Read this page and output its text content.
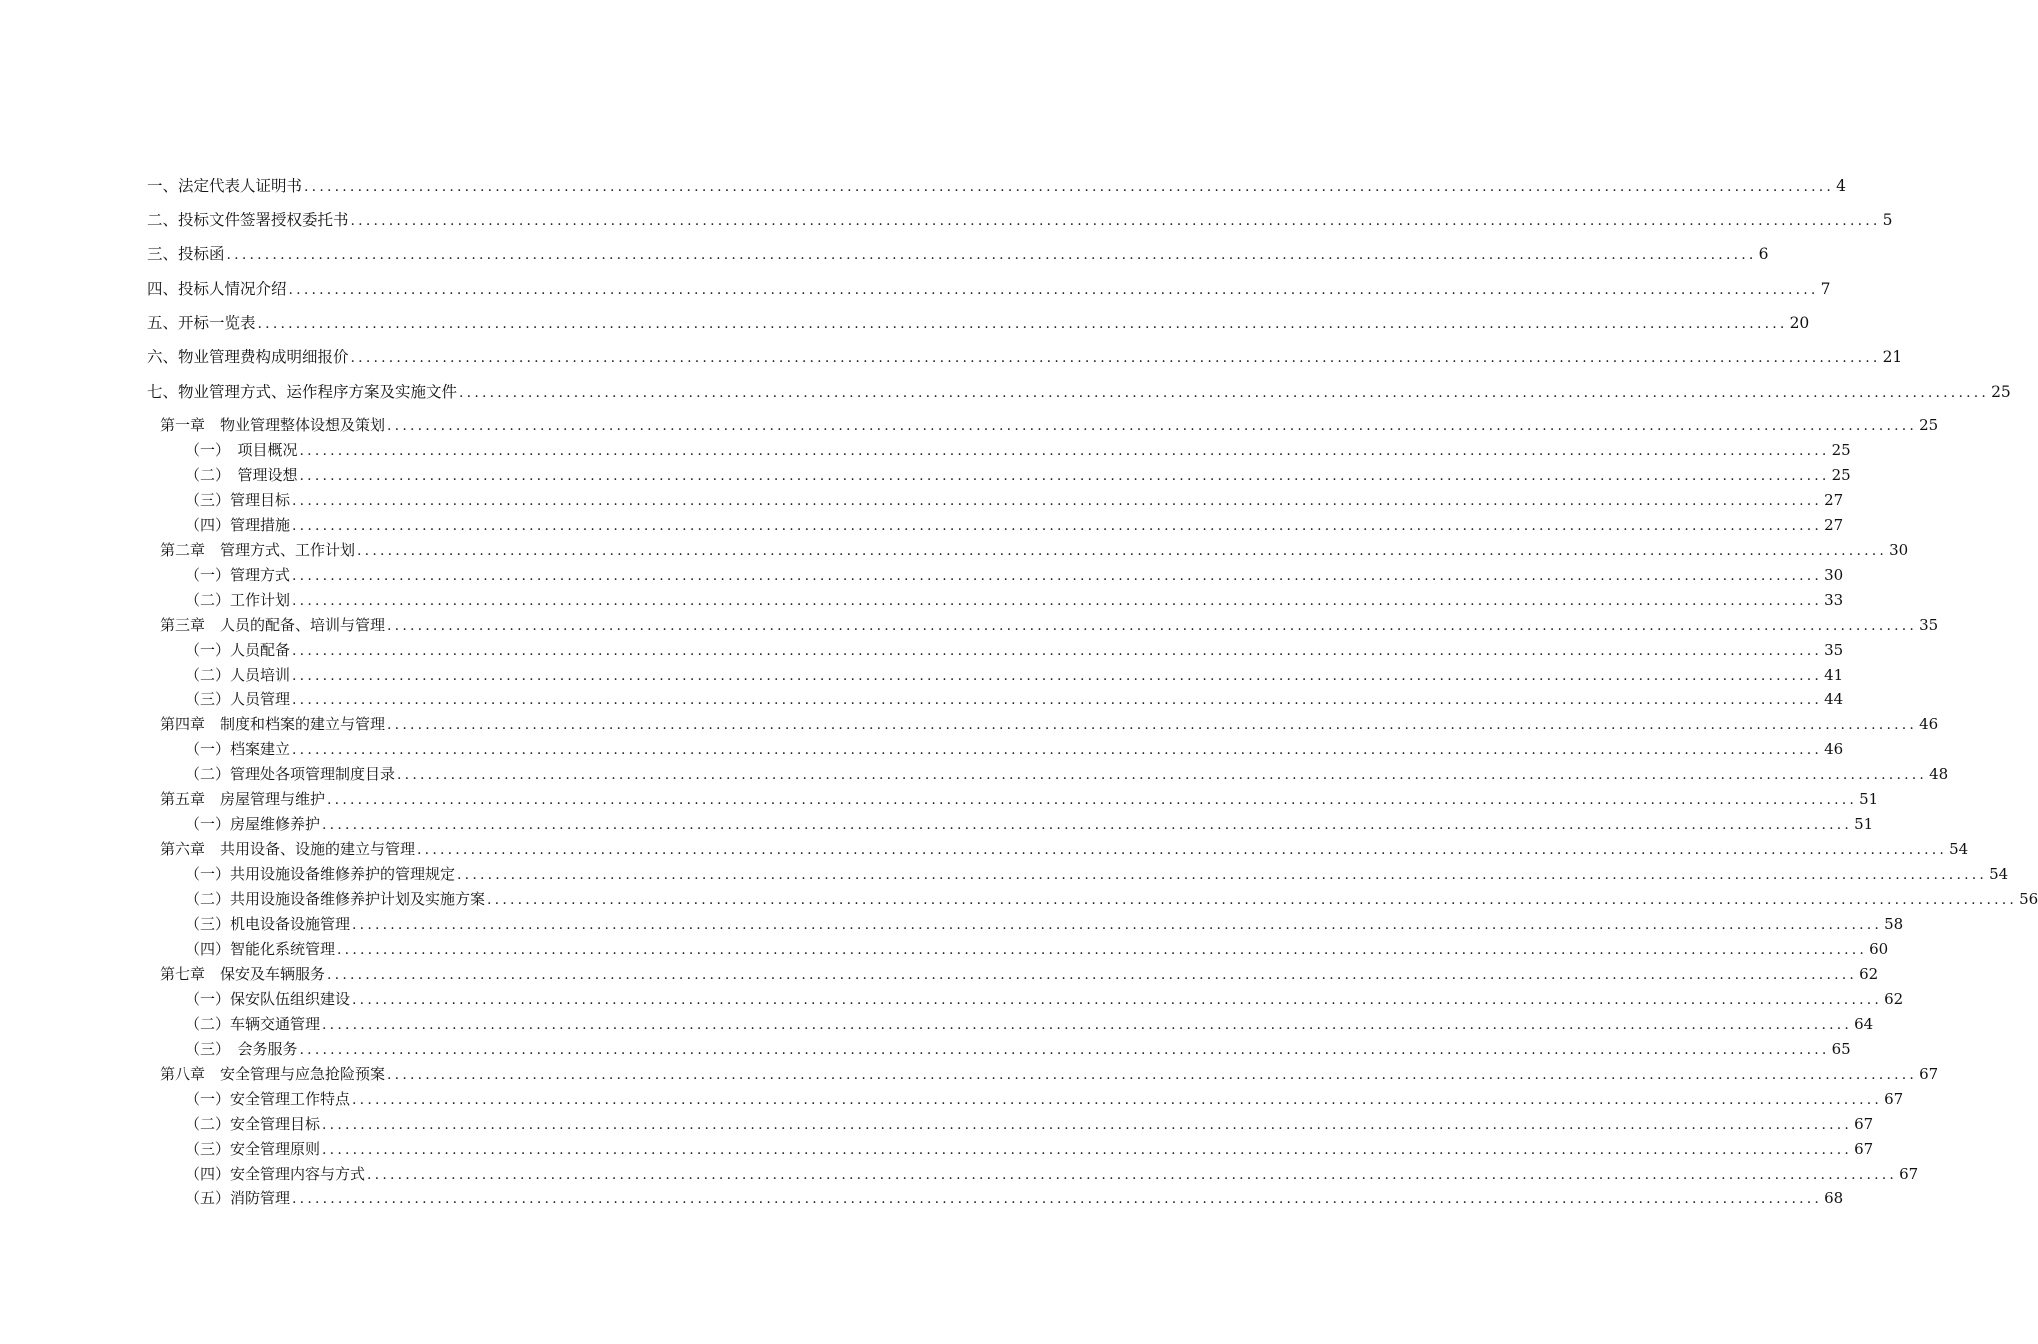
一、法定代表人证明书 ........................................................................................................................................................................................................ 4
二、投标文件签署授权委托书 ........................................................................................................................................................................................................ 5
三、投标函 ........................................................................................................................................................................................................ 6
四、投标人情况介绍 ........................................................................................................................................................................................................ 7
五、开标一览表 ........................................................................................................................................................................................................ 20
六、物业管理费构成明细报价 ........................................................................................................................................................................................................ 21
七、物业管理方式、运作程序方案及实施文件 ........................................................................................................................................................................................................ 25
第一章　物业管理整体设想及策划 ........................................................................................................................................................................................................ 25
（一）　项目概况 ........................................................................................................................................................................................................ 25
（二）　管理设想 ........................................................................................................................................................................................................ 25
（三）管理目标 ........................................................................................................................................................................................................ 27
（四）管理措施 ........................................................................................................................................................................................................ 27
第二章　管理方式、工作计划 ........................................................................................................................................................................................................ 30
（一）管理方式 ........................................................................................................................................................................................................ 30
（二）工作计划 ........................................................................................................................................................................................................ 33
第三章　人员的配备、培训与管理 ........................................................................................................................................................................................................ 35
（一）人员配备 ........................................................................................................................................................................................................ 35
（二）人员培训 ........................................................................................................................................................................................................ 41
（三）人员管理 ........................................................................................................................................................................................................ 44
第四章　制度和档案的建立与管理 ........................................................................................................................................................................................................ 46
（一）档案建立 ........................................................................................................................................................................................................ 46
（二）管理处各项管理制度目录 ........................................................................................................................................................................................................ 48
第五章　房屋管理与维护 ........................................................................................................................................................................................................ 51
（一）房屋维修养护 ........................................................................................................................................................................................................ 51
第六章　共用设备、设施的建立与管理 ........................................................................................................................................................................................................ 54
（一）共用设施设备维修养护的管理规定 ........................................................................................................................................................................................................ 54
（二）共用设施设备维修养护计划及实施方案 ........................................................................................................................................................................................................ 56
（三）机电设备设施管理 ........................................................................................................................................................................................................ 58
（四）智能化系统管理 ........................................................................................................................................................................................................ 60
第七章　保安及车辆服务 ........................................................................................................................................................................................................ 62
（一）保安队伍组织建设 ........................................................................................................................................................................................................ 62
（二）车辆交通管理 ........................................................................................................................................................................................................ 64
（三）　会务服务 ........................................................................................................................................................................................................ 65
第八章　安全管理与应急抢险预案 ........................................................................................................................................................................................................ 67
（一）安全管理工作特点 ........................................................................................................................................................................................................ 67
（二）安全管理目标 ........................................................................................................................................................................................................ 67
（三）安全管理原则 ........................................................................................................................................................................................................ 67
（四）安全管理内容与方式 ........................................................................................................................................................................................................ 67
（五）消防管理 ........................................................................................................................................................................................................ 68
